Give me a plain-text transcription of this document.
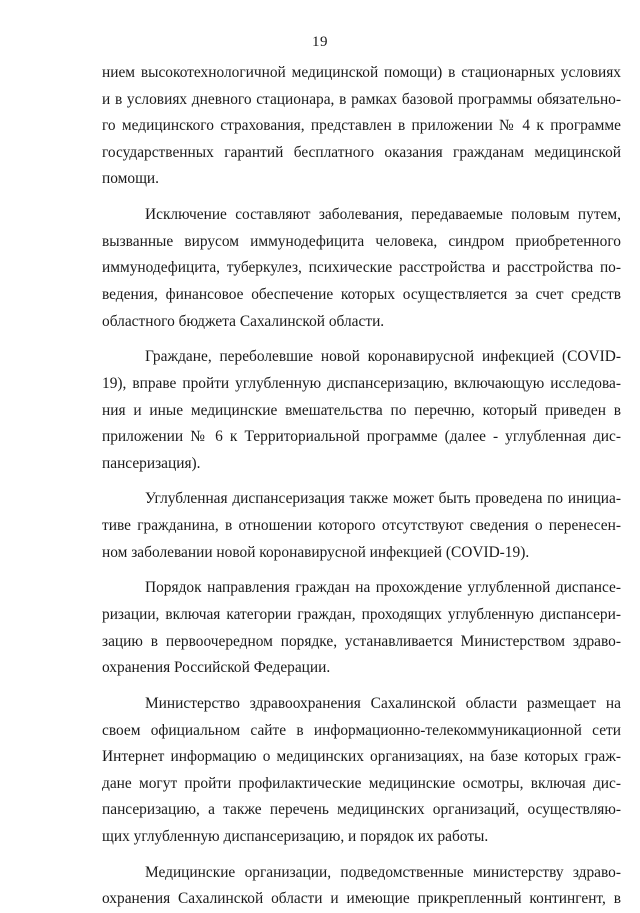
19
нием высокотехнологичной медицинской помощи) в стационарных условиях
и в условиях дневного стационара, в рамках базовой программы обязательно-
го медицинского страхования, представлен в приложении № 4 к программе
государственных гарантий бесплатного оказания гражданам медицинской
помощи.
Исключение составляют заболевания, передаваемые половым путем,
вызванные вирусом иммунодефицита человека, синдром приобретенного
иммунодефицита, туберкулез, психические расстройства и расстройства по-
ведения, финансовое обеспечение которых осуществляется за счет средств
областного бюджета Сахалинской области.
Граждане, переболевшие новой коронавирусной инфекцией (COVID-
19), вправе пройти углубленную диспансеризацию, включающую исследова-
ния и иные медицинские вмешательства по перечню, который приведен в
приложении № 6 к Территориальной программе (далее - углубленная дис-
пансеризация).
Углубленная диспансеризация также может быть проведена по инициа-
тиве гражданина, в отношении которого отсутствуют сведения о перенесен-
ном заболевании новой коронавирусной инфекцией (COVID-19).
Порядок направления граждан на прохождение углубленной диспансе-
ризации, включая категории граждан, проходящих углубленную диспансери-
зацию в первоочередном порядке, устанавливается Министерством здраво-
охранения Российской Федерации.
Министерство здравоохранения Сахалинской области размещает на
своем официальном сайте в информационно-телекоммуникационной сети
Интернет информацию о медицинских организациях, на базе которых граж-
дане могут пройти профилактические медицинские осмотры, включая дис-
пансеризацию, а также перечень медицинских организаций, осуществляю-
щих углубленную диспансеризацию, и порядок их работы.
Медицинские организации, подведомственные министерству здраво-
охранения Сахалинской области и имеющие прикрепленный контингент, в
